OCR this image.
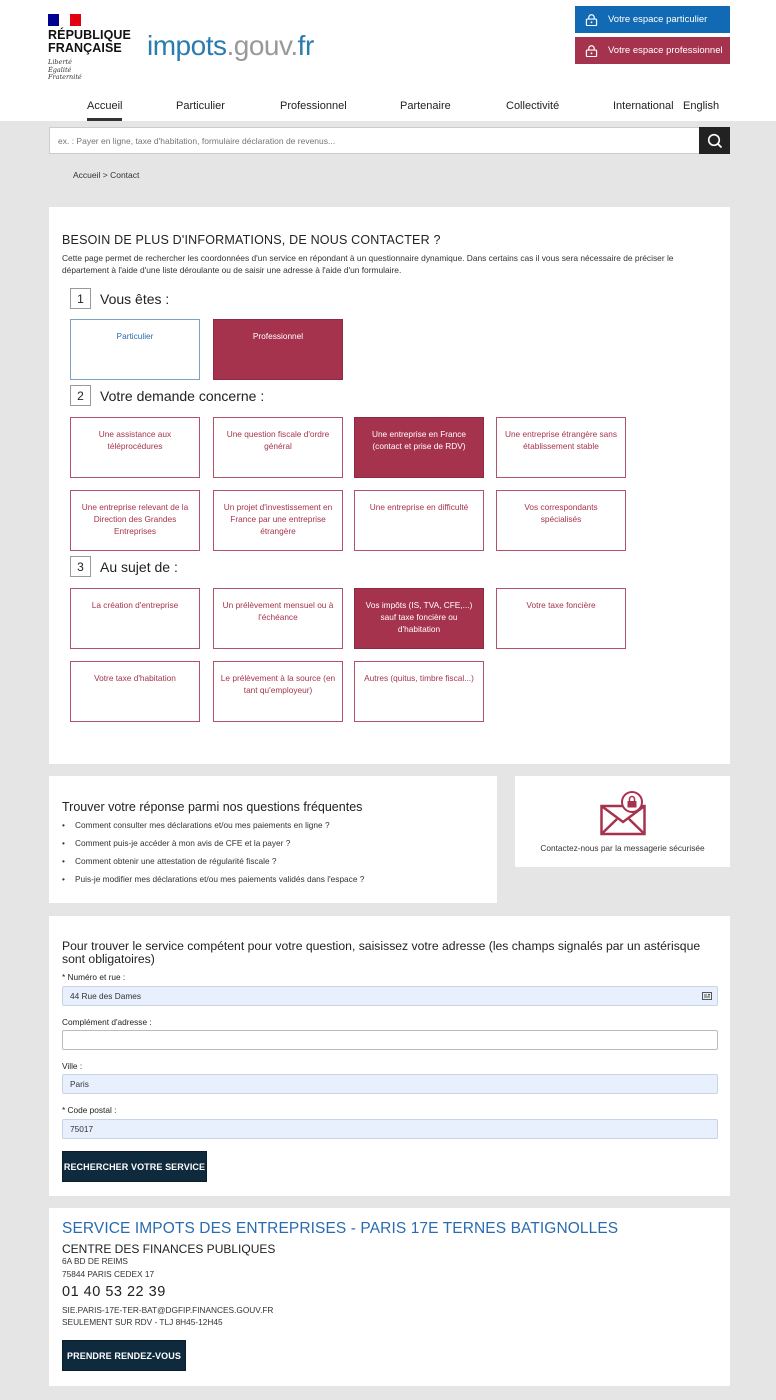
RÉPUBLIQUE
FRANÇAISE
Liberté
Égalité
Fraternité
impots.gouv.fr
Votre espace particulier
Votre espace professionnel
Accueil	Particulier	Professionnel	Partenaire	Collectivité	International English
ex. : Payer en ligne, taxe d'habitation, formulaire déclaration de revenus...
Accueil > Contact
BESOIN DE PLUS D'INFORMATIONS, DE NOUS CONTACTER ?
Cette page permet de rechercher les coordonnées d'un service en répondant à un questionnaire dynamique. Dans certains cas il vous sera nécessaire de préciser le département à l'aide d'une liste déroulante ou de saisir une adresse à l'aide d'un formulaire.
1	Vous êtes :
Particulier	Professionnel
2	Votre demande concerne :
Une assistance aux téléprocédures
Une question fiscale d'ordre général
Une entreprise en France (contact et prise de RDV)
Une entreprise étrangère sans établissement stable
Une entreprise relevant de la Direction des Grandes Entreprises
Un projet d'investissement en France par une entreprise étrangère
Une entreprise en difficulté	Vos correspondants spécialisés
3	Au sujet de :
La création d'entreprise	Un prélèvement mensuel ou à l'échéance
Vos impôts (IS, TVA, CFE,...) sauf taxe foncière ou d'habitation
Votre taxe foncière
Votre taxe d'habitation	Le prélèvement à la source (en tant qu'employeur)
Autres (quitus, timbre fiscal...)
Trouver votre réponse parmi nos questions fréquentes
• Comment consulter mes déclarations et/ou mes paiements en ligne ?
• Comment puis-je accéder à mon avis de CFE et la payer ?
• Comment obtenir une attestation de régularité fiscale ?
• Puis-je modifier mes déclarations et/ou mes paiements validés dans l'espace ?
Contactez-nous par la messagerie sécurisée
Pour trouver le service compétent pour votre question, saisissez votre adresse (les champs signalés par un astérisque sont obligatoires)
* Numéro et rue :
44 Rue des Dames
Complément d'adresse :
Ville :
Paris
* Code postal :
75017
RECHERCHER VOTRE SERVICE
SERVICE IMPOTS DES ENTREPRISES - PARIS 17E TERNES BATIGNOLLES
CENTRE DES FINANCES PUBLIQUES
6A BD DE REIMS
75844 PARIS CEDEX 17
01 40 53 22 39
SIE.PARIS-17E-TER-BAT@DGFIP.FINANCES.GOUV.FR
SEULEMENT SUR RDV - TLJ 8H45-12H45
PRENDRE RENDEZ-VOUS
